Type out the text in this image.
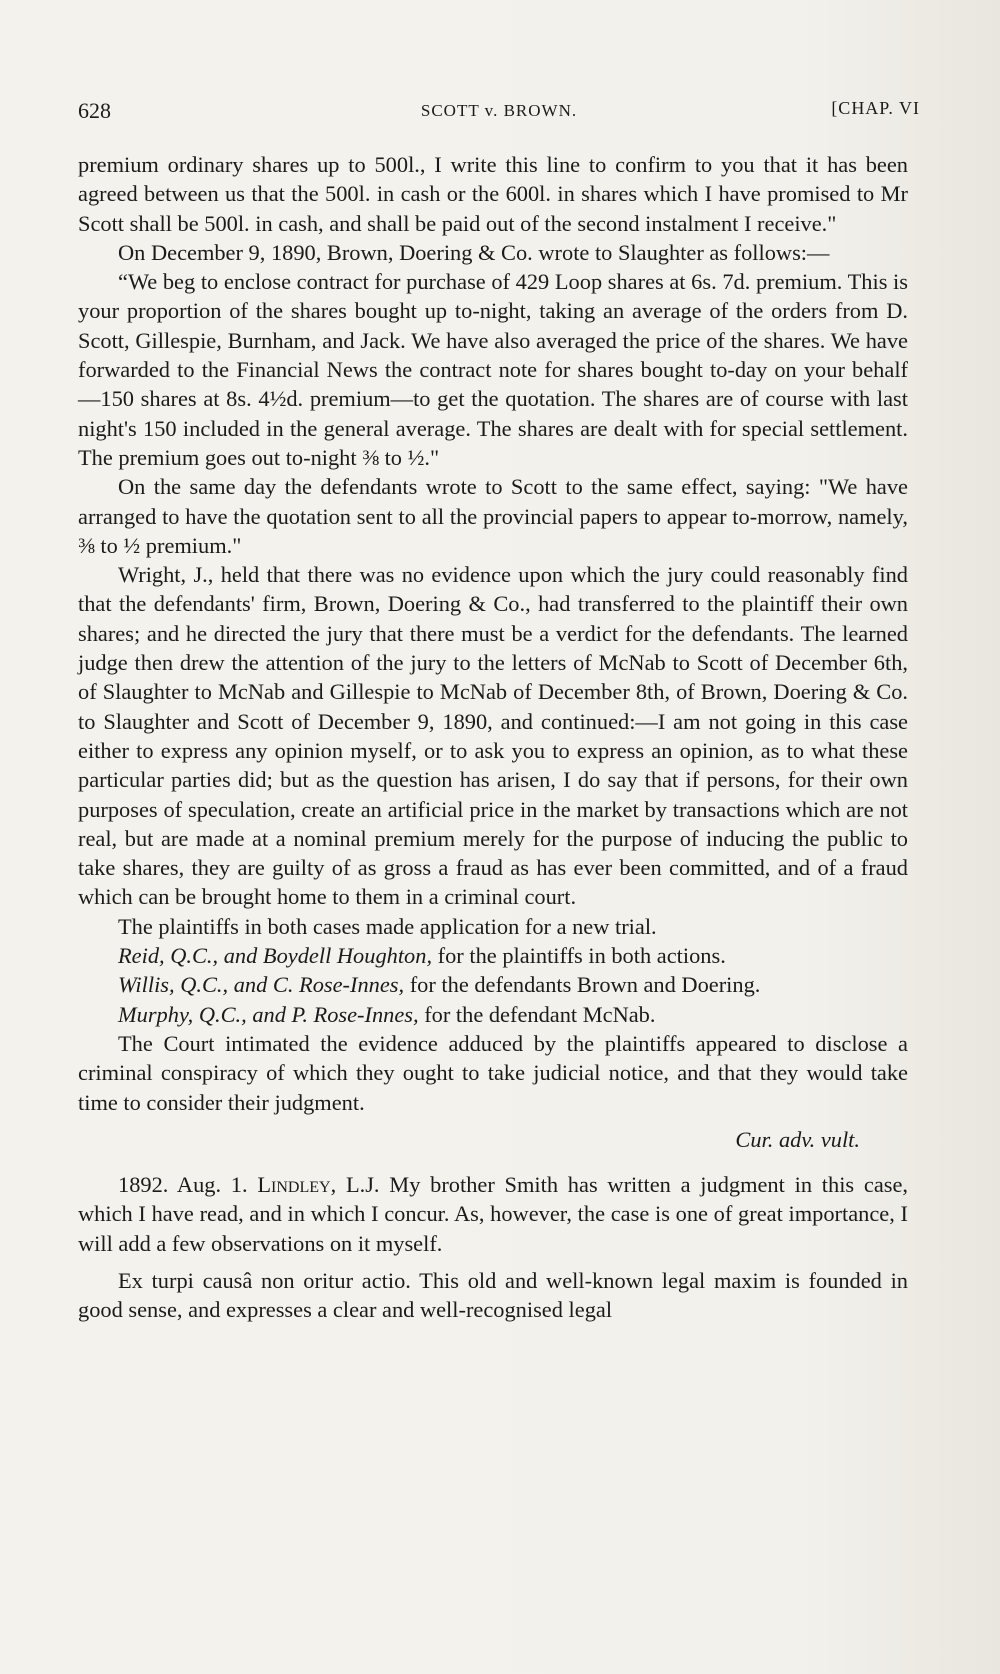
628	SCOTT v. BROWN.	[CHAP. VI

premium ordinary shares up to 500l., I write this line to confirm to you that it has been agreed between us that the 500l. in cash or the 600l. in shares which I have promised to Mr Scott shall be 500l. in cash, and shall be paid out of the second instalment I receive."

On December 9, 1890, Brown, Doering & Co. wrote to Slaughter as follows:—

“We beg to enclose contract for purchase of 429 Loop shares at 6s. 7d. premium. This is your proportion of the shares bought up to-night, taking an average of the orders from D. Scott, Gillespie, Burnham, and Jack. We have also averaged the price of the shares. We have forwarded to the Financial News the contract note for shares bought to-day on your behalf—150 shares at 8s. 4½d. premium—to get the quotation. The shares are of course with last night's 150 included in the general average. The shares are dealt with for special settlement. The premium goes out to-night ⅜ to ½."

On the same day the defendants wrote to Scott to the same effect, saying: "We have arranged to have the quotation sent to all the provincial papers to appear to-morrow, namely, ⅜ to ½ premium."

Wright, J., held that there was no evidence upon which the jury could reasonably find that the defendants' firm, Brown, Doering & Co., had transferred to the plaintiff their own shares; and he directed the jury that there must be a verdict for the defendants. The learned judge then drew the attention of the jury to the letters of McNab to Scott of December 6th, of Slaughter to McNab and Gillespie to McNab of December 8th, of Brown, Doering & Co. to Slaughter and Scott of December 9, 1890, and continued:—I am not going in this case either to express any opinion myself, or to ask you to express an opinion, as to what these particular parties did; but as the question has arisen, I do say that if persons, for their own purposes of speculation, create an artificial price in the market by transactions which are not real, but are made at a nominal premium merely for the purpose of inducing the public to take shares, they are guilty of as gross a fraud as has ever been committed, and of a fraud which can be brought home to them in a criminal court.

The plaintiffs in both cases made application for a new trial.

Reid, Q.C., and Boydell Houghton, for the plaintiffs in both actions.

Willis, Q.C., and C. Rose-Innes, for the defendants Brown and Doering.

Murphy, Q.C., and P. Rose-Innes, for the defendant McNab.

The Court intimated the evidence adduced by the plaintiffs appeared to disclose a criminal conspiracy of which they ought to take judicial notice, and that they would take time to consider their judgment.

Cur. adv. vult.

1892. Aug. 1. Lindley, L.J. My brother Smith has written a judgment in this case, which I have read, and in which I concur. As, however, the case is one of great importance, I will add a few observations on it myself.

Ex turpi causâ non oritur actio. This old and well-known legal maxim is founded in good sense, and expresses a clear and well-recognised legal
